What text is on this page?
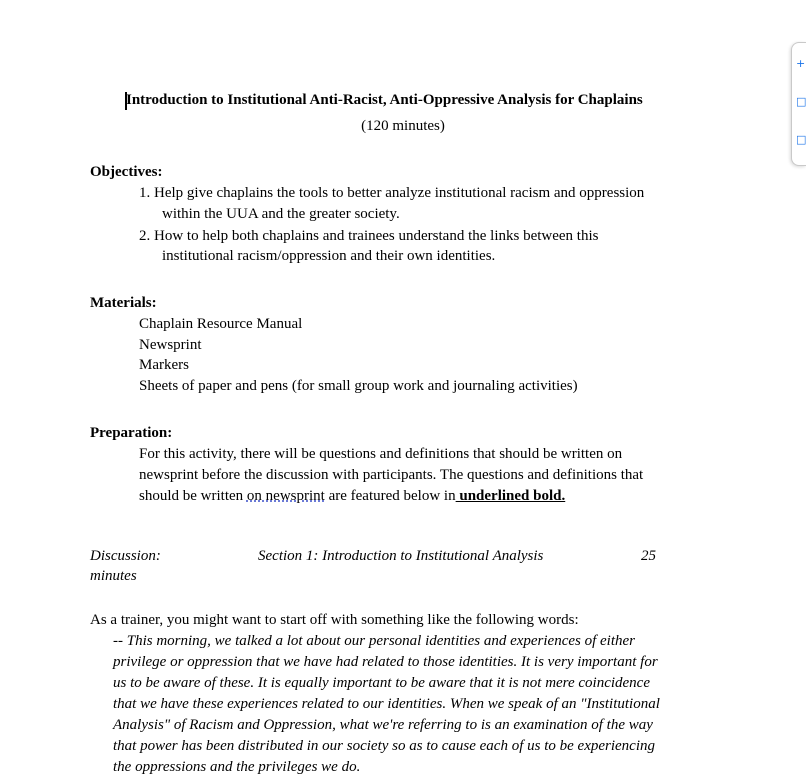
Introduction to Institutional Anti-Racist, Anti-Oppressive Analysis for Chaplains
(120 minutes)
Objectives:
1. Help give chaplains the tools to better analyze institutional racism and oppression
within the UUA and the greater society.
2. How to help both chaplains and trainees understand the links between this
institutional racism/oppression and their own identities.
Materials:
Chaplain Resource Manual
Newsprint
Markers
Sheets of paper and pens (for small group work and journaling activities)
Preparation:
For this activity, there will be questions and definitions that should be written on
newsprint before the discussion with participants. The questions and definitions that
should be written on newsprint are featured below in underlined bold.
Discussion:	Section 1: Introduction to Institutional Analysis	25
minutes
As a trainer, you might want to start off with something like the following words:
-- This morning, we talked a lot about our personal identities and experiences of either
privilege or oppression that we have had related to those identities. It is very important for
us to be aware of these. It is equally important to be aware that it is not mere coincidence
that we have these experiences related to our identities. When we speak of an "Institutional
Analysis" of Racism and Oppression, what we're referring to is an examination of the way
that power has been distributed in our society so as to cause each of us to be experiencing
the oppressions and the privileges we do.
+
□
□
